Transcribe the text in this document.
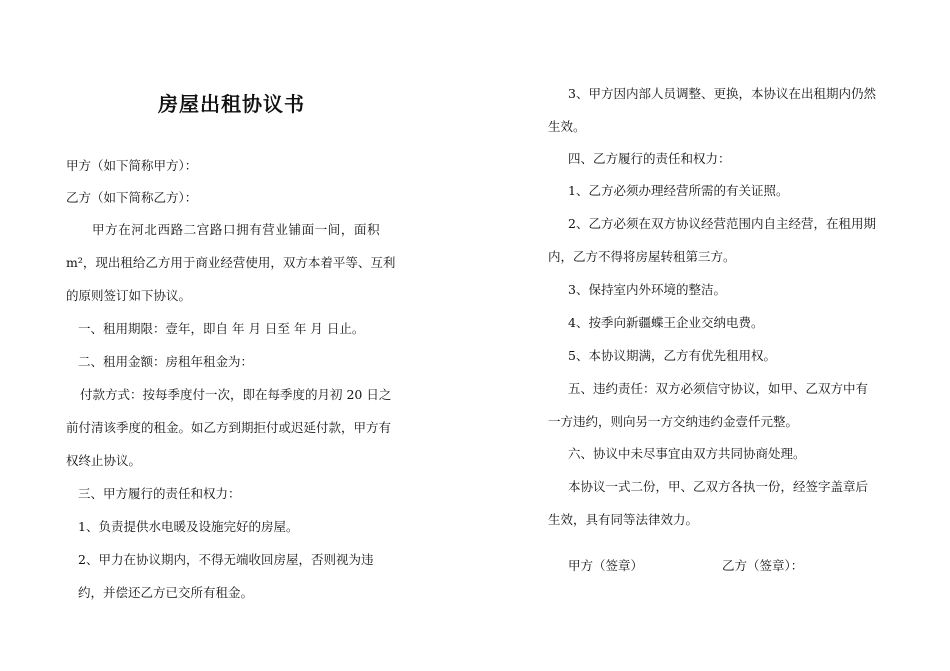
房屋出租协议书
甲方（如下简称甲方）：
乙方（如下简称乙方）：
甲方在河北西路二宫路口拥有营业铺面一间，面积
m²，现出租给乙方用于商业经营使用，双方本着平等、互利
的原则签订如下协议。
一、租用期限：壹年，即自 年 月 日至 年 月 日止。
二、租用金额：房租年租金为：
付款方式：按每季度付一次，即在每季度的月初 20 日之
前付清该季度的租金。如乙方到期拒付或迟延付款，甲方有
权终止协议。
三、甲方履行的责任和权力：
1、负责提供水电暖及设施完好的房屋。
2、甲力在协议期内，不得无端收回房屋，否则视为违
约，并偿还乙方已交所有租金。
3、甲方因内部人员调整、更换，本协议在出租期内仍然
生效。
四、乙方履行的责任和权力：
1、乙方必须办理经营所需的有关证照。
2、乙方必须在双方协议经营范围内自主经营，在租用期
内，乙方不得将房屋转租第三方。
3、保持室内外环境的整洁。
4、按季向新疆蝶王企业交纳电费。
5、本协议期满，乙方有优先租用权。
五、违约责任：双方必须信守协议，如甲、乙双方中有
一方违约，则向另一方交纳违约金壹仟元整。
六、协议中未尽事宜由双方共同协商处理。
本协议一式二份，甲、乙双方各执一份，经签字盖章后
生效，具有同等法律效力。
甲方（签章）	乙方（签章）：
